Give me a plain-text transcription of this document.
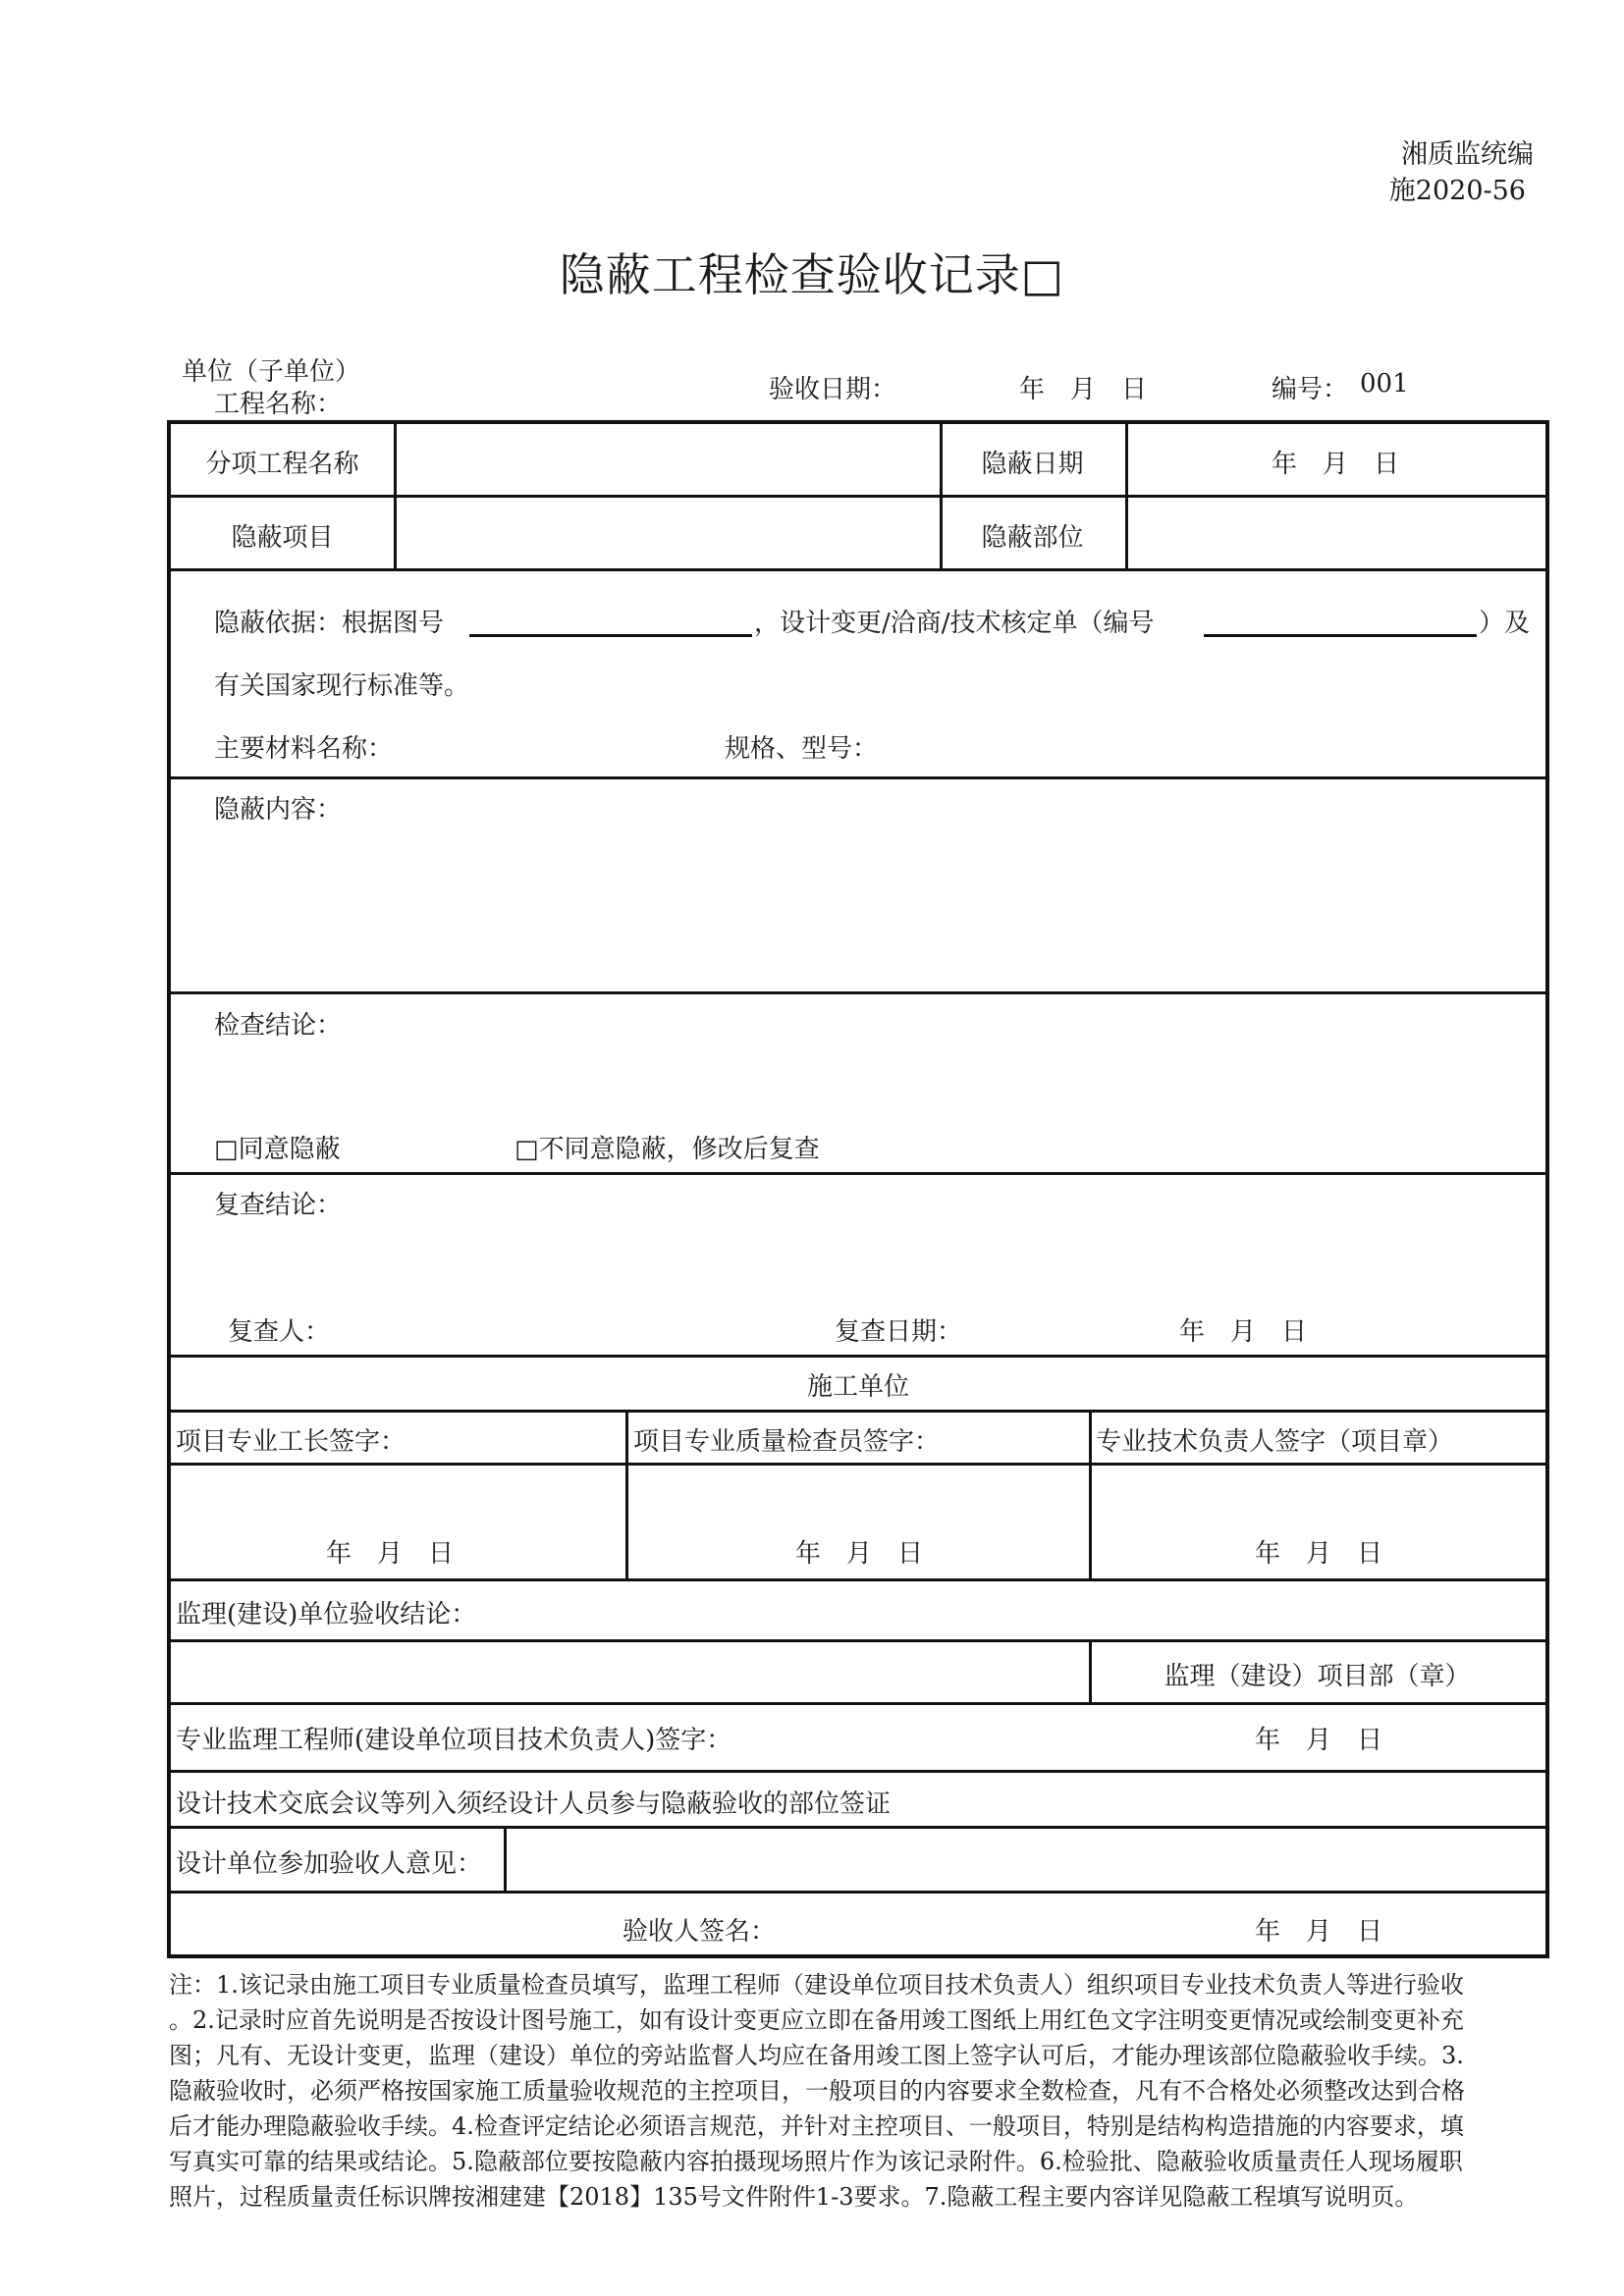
湘质监统编
施2020-56
隐蔽工程检查验收记录□
单位（子单位）
工程名称：	验收日期：	年　月　日	编号： 001
分项工程名称	隐蔽日期	年　月　日
隐蔽项目	隐蔽部位
隐蔽依据：根据图号	，设计变更/洽商/技术核定单（编号	）及
有关国家现行标准等。
主要材料名称：	规格、型号：
隐蔽内容：
检查结论：
□同意隐蔽	□不同意隐蔽，修改后复查
复查结论：
复查人：	复查日期：	年　月　日
施工单位
项目专业工长签字：	项目专业质量检查员签字：	专业技术负责人签字（项目章）
年　月　日	年　月　日	年　月　日
监理(建设)单位验收结论：
监理（建设）项目部（章）
专业监理工程师(建设单位项目技术负责人)签字：	年　月　日
设计技术交底会议等列入须经设计人员参与隐蔽验收的部位签证
设计单位参加验收人意见：
验收人签名：	年　月　日

注：1.该记录由施工项目专业质量检查员填写，监理工程师（建设单位项目技术负责人）组织项目专业技术负责人等进行验收

。2.记录时应首先说明是否按设计图号施工，如有设计变更应立即在备用竣工图纸上用红色文字注明变更情况或绘制变更补充

图；凡有、无设计变更，监理（建设）单位的旁站监督人均应在备用竣工图上签字认可后，才能办理该部位隐蔽验收手续。3.

隐蔽验收时，必须严格按国家施工质量验收规范的主控项目，一般项目的内容要求全数检查，凡有不合格处必须整改达到合格

后才能办理隐蔽验收手续。4.检查评定结论必须语言规范，并针对主控项目、一般项目，特别是结构构造措施的内容要求，填

写真实可靠的结果或结论。5.隐蔽部位要按隐蔽内容拍摄现场照片作为该记录附件。6.检验批、隐蔽验收质量责任人现场履职

照片，过程质量责任标识牌按湘建建【2018】135号文件附件1-3要求。7.隐蔽工程主要内容详见隐蔽工程填写说明页。
